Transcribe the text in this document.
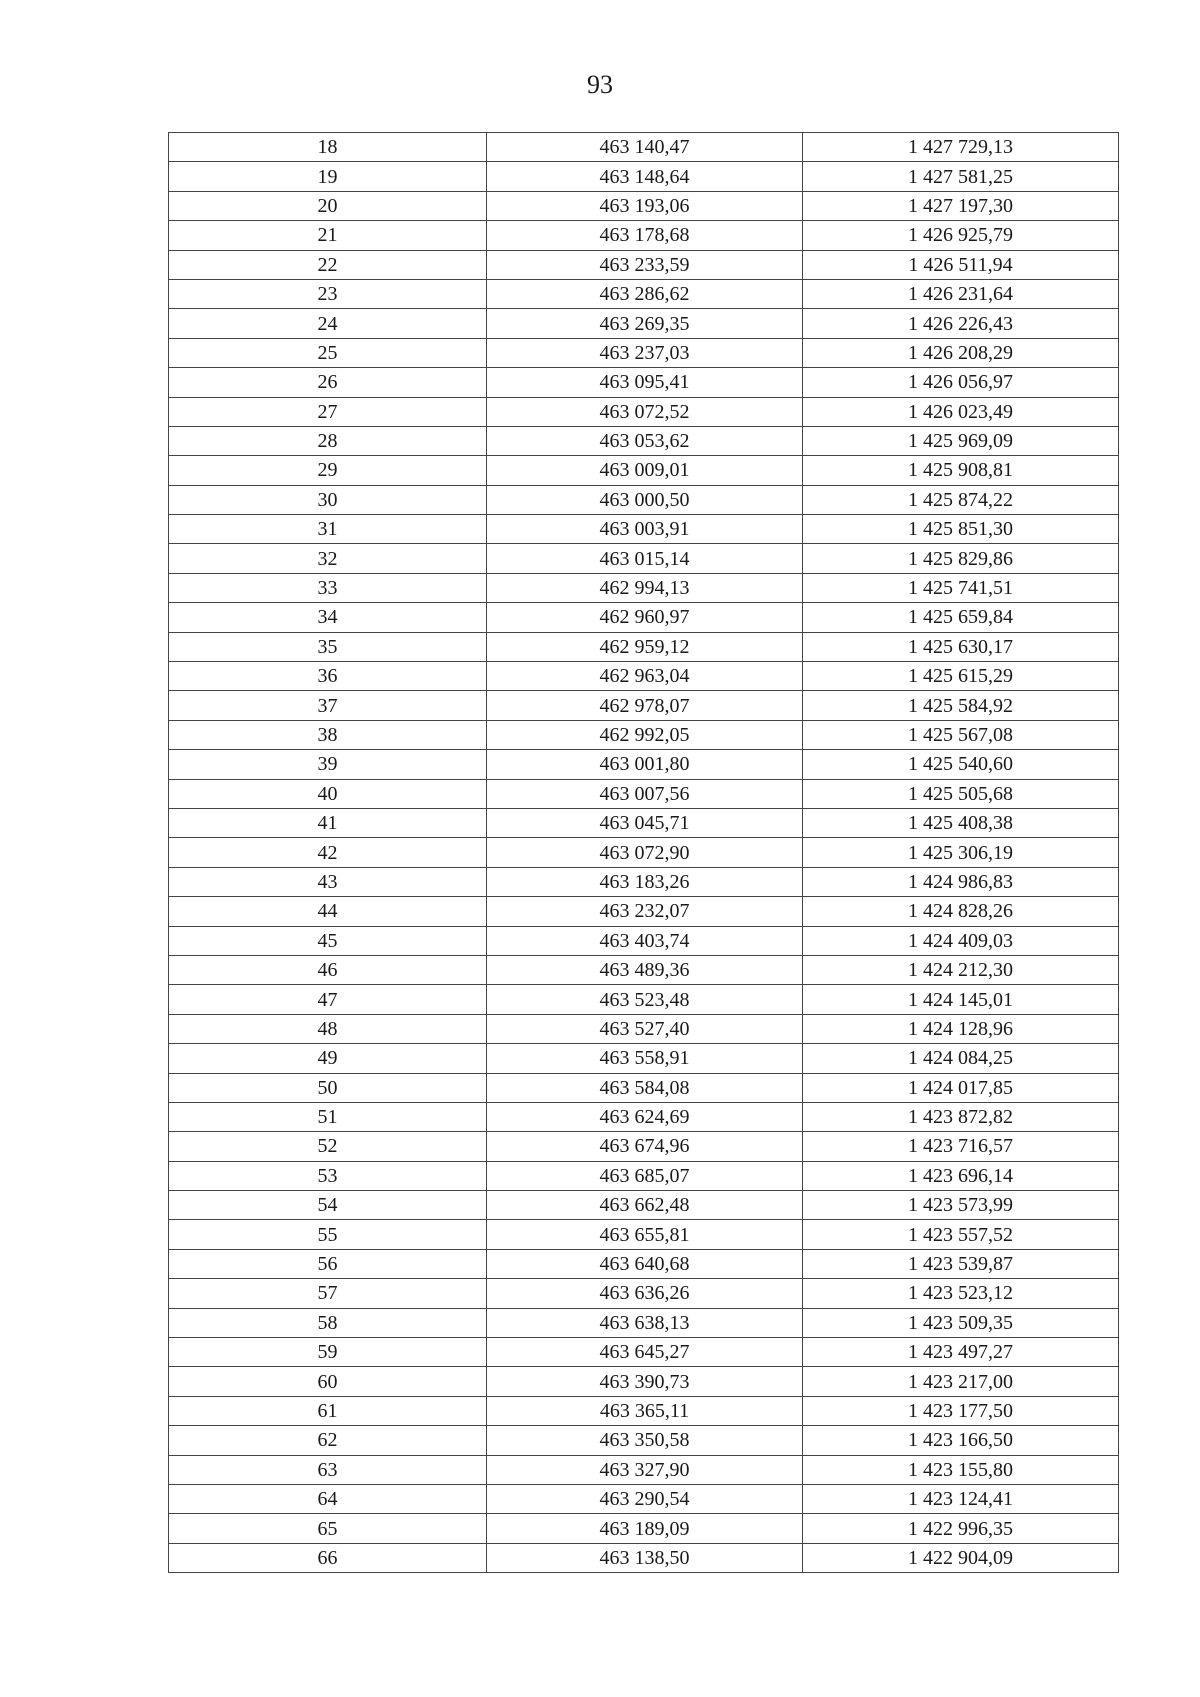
93
18	463 140,47	1 427 729,13
19	463 148,64	1 427 581,25
20	463 193,06	1 427 197,30
21	463 178,68	1 426 925,79
22	463 233,59	1 426 511,94
23	463 286,62	1 426 231,64
24	463 269,35	1 426 226,43
25	463 237,03	1 426 208,29
26	463 095,41	1 426 056,97
27	463 072,52	1 426 023,49
28	463 053,62	1 425 969,09
29	463 009,01	1 425 908,81
30	463 000,50	1 425 874,22
31	463 003,91	1 425 851,30
32	463 015,14	1 425 829,86
33	462 994,13	1 425 741,51
34	462 960,97	1 425 659,84
35	462 959,12	1 425 630,17
36	462 963,04	1 425 615,29
37	462 978,07	1 425 584,92
38	462 992,05	1 425 567,08
39	463 001,80	1 425 540,60
40	463 007,56	1 425 505,68
41	463 045,71	1 425 408,38
42	463 072,90	1 425 306,19
43	463 183,26	1 424 986,83
44	463 232,07	1 424 828,26
45	463 403,74	1 424 409,03
46	463 489,36	1 424 212,30
47	463 523,48	1 424 145,01
48	463 527,40	1 424 128,96
49	463 558,91	1 424 084,25
50	463 584,08	1 424 017,85
51	463 624,69	1 423 872,82
52	463 674,96	1 423 716,57
53	463 685,07	1 423 696,14
54	463 662,48	1 423 573,99
55	463 655,81	1 423 557,52
56	463 640,68	1 423 539,87
57	463 636,26	1 423 523,12
58	463 638,13	1 423 509,35
59	463 645,27	1 423 497,27
60	463 390,73	1 423 217,00
61	463 365,11	1 423 177,50
62	463 350,58	1 423 166,50
63	463 327,90	1 423 155,80
64	463 290,54	1 423 124,41
65	463 189,09	1 422 996,35
66	463 138,50	1 422 904,09
